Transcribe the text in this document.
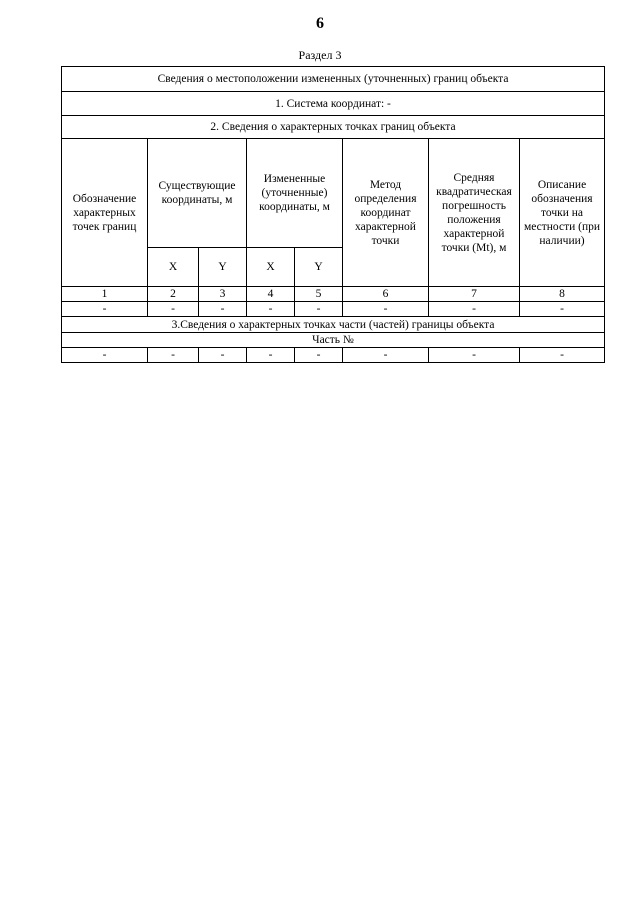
6
Раздел 3
Сведения о местоположении измененных (уточненных) границ объекта							
1. Система координат: -							
2. Сведения о характерных точках границ объекта							
Обозначение характерных точек границ	Существующие координаты, м		Измененные (уточненные) координаты, м		Метод определения координат характерной точки	Средняя квадратическая погрешность положения характерной точки (Mt), м	Описание обозначения точки на местности (при наличии)
	X	Y	X	Y			
1	2	3	4	5	6	7	8
-	-	-	-	-	-	-	-
3.Сведения о характерных точках части (частей) границы объекта							
Часть №							
-	-	-	-	-	-	-	-
